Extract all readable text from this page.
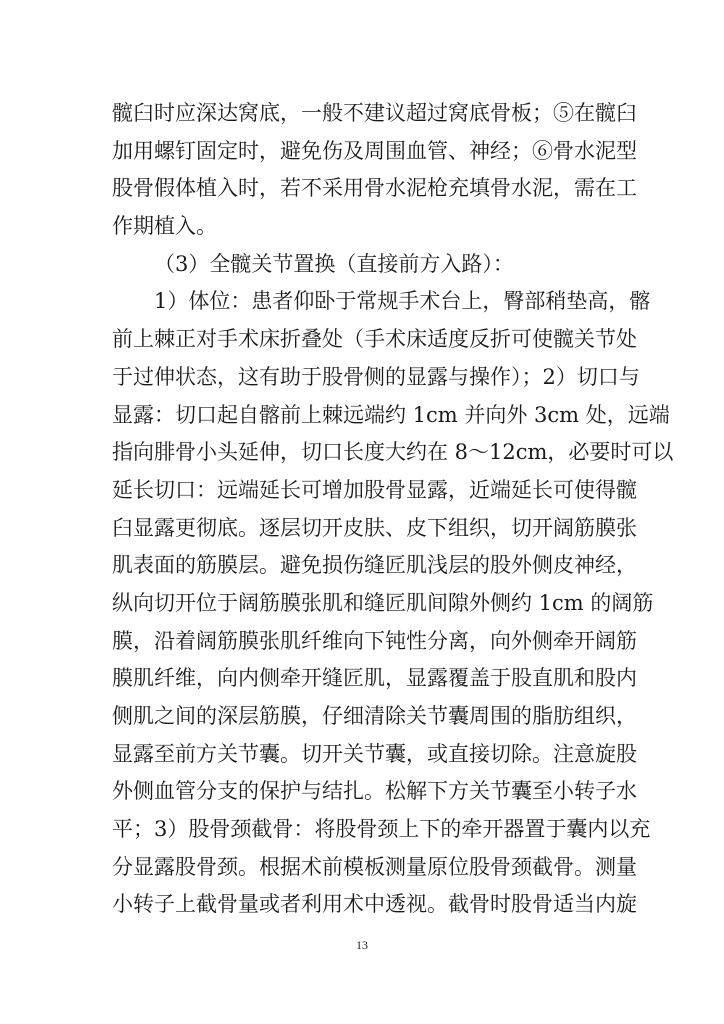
髋臼时应深达窝底，一般不建议超过窝底骨板；⑤在髋臼
加用螺钉固定时，避免伤及周围血管、神经；⑥骨水泥型
股骨假体植入时，若不采用骨水泥枪充填骨水泥，需在工
作期植入。
（3）全髋关节置换（直接前方入路）：
1）体位：患者仰卧于常规手术台上，臀部稍垫高，髂
前上棘正对手术床折叠处（手术床适度反折可使髋关节处
于过伸状态，这有助于股骨侧的显露与操作）；2）切口与
显露：切口起自髂前上棘远端约 1cm 并向外 3cm 处，远端
指向腓骨小头延伸，切口长度大约在 8～12cm，必要时可以
延长切口：远端延长可增加股骨显露，近端延长可使得髋
臼显露更彻底。逐层切开皮肤、皮下组织，切开阔筋膜张
肌表面的筋膜层。避免损伤缝匠肌浅层的股外侧皮神经，
纵向切开位于阔筋膜张肌和缝匠肌间隙外侧约 1cm 的阔筋
膜，沿着阔筋膜张肌纤维向下钝性分离，向外侧牵开阔筋
膜肌纤维，向内侧牵开缝匠肌，显露覆盖于股直肌和股内
侧肌之间的深层筋膜，仔细清除关节囊周围的脂肪组织，
显露至前方关节囊。切开关节囊，或直接切除。注意旋股
外侧血管分支的保护与结扎。松解下方关节囊至小转子水
平；3）股骨颈截骨：将股骨颈上下的牵开器置于囊内以充
分显露股骨颈。根据术前模板测量原位股骨颈截骨。测量
小转子上截骨量或者利用术中透视。截骨时股骨适当内旋
13
